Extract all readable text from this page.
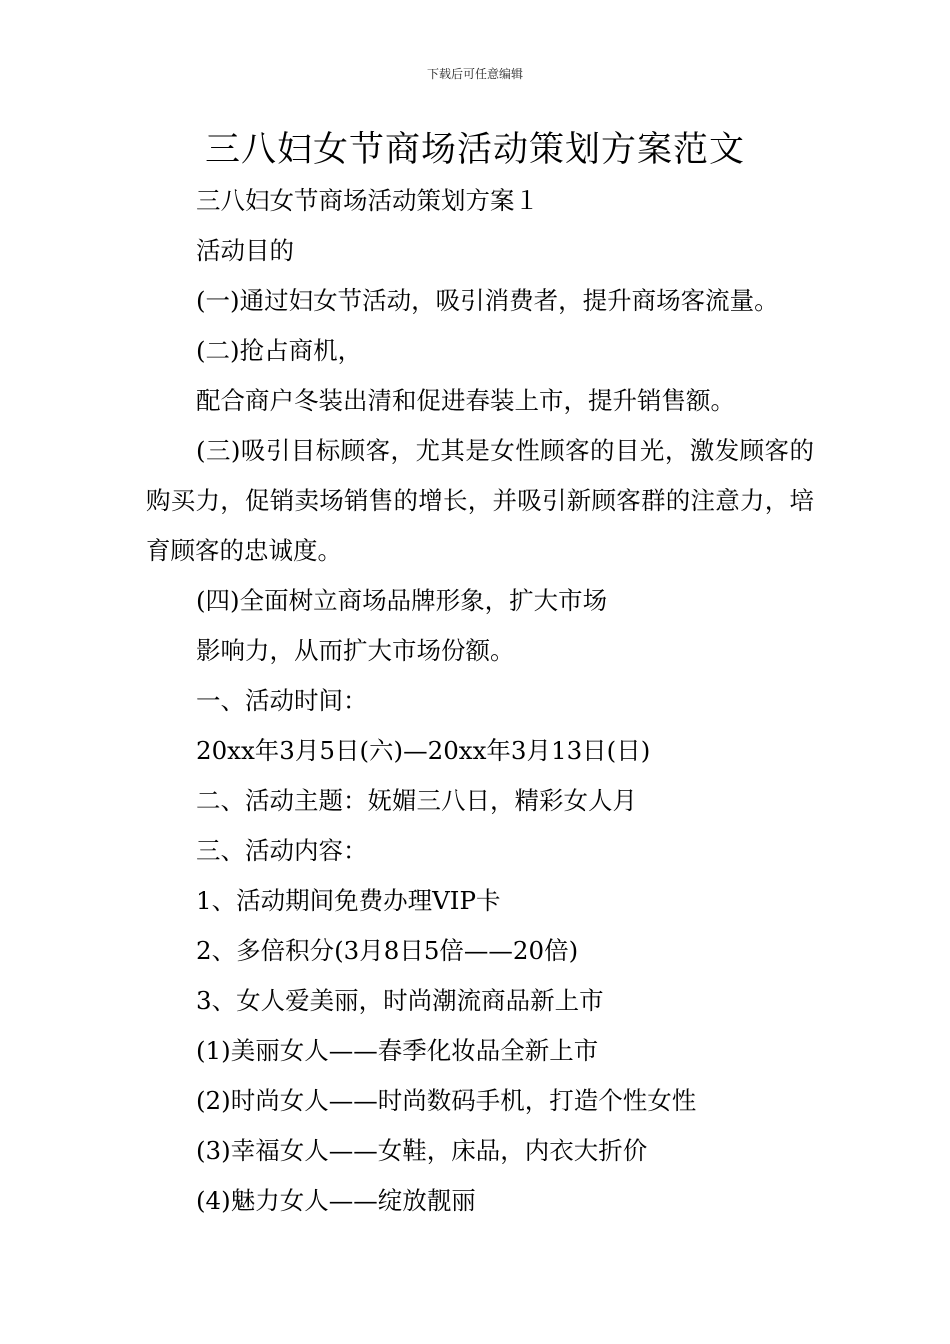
下载后可任意编辑
三八妇女节商场活动策划方案范文

三八妇女节商场活动策划方案１

活动目的

(一)通过妇女节活动，吸引消费者，提升商场客流量。

(二)抢占商机，

配合商户冬装出清和促进春装上市，提升销售额。

(三)吸引目标顾客，尤其是女性顾客的目光，激发顾客的购买力，促销卖场销售的增长，并吸引新顾客群的注意力，培育顾客的忠诚度。

(四)全面树立商场品牌形象，扩大市场

影响力，从而扩大市场份额。

一、活动时间：

20xx年3月5日(六)—20xx年3月13日(日)

二、活动主题：妩媚三八日，精彩女人月

三、活动内容：

1、活动期间免费办理VIP卡

2、多倍积分(3月8日5倍——20倍)

3、女人爱美丽，时尚潮流商品新上市

(1)美丽女人——春季化妆品全新上市

(2)时尚女人——时尚数码手机，打造个性女性

(3)幸福女人——女鞋，床品，内衣大折价

(4)魅力女人——绽放靓丽
